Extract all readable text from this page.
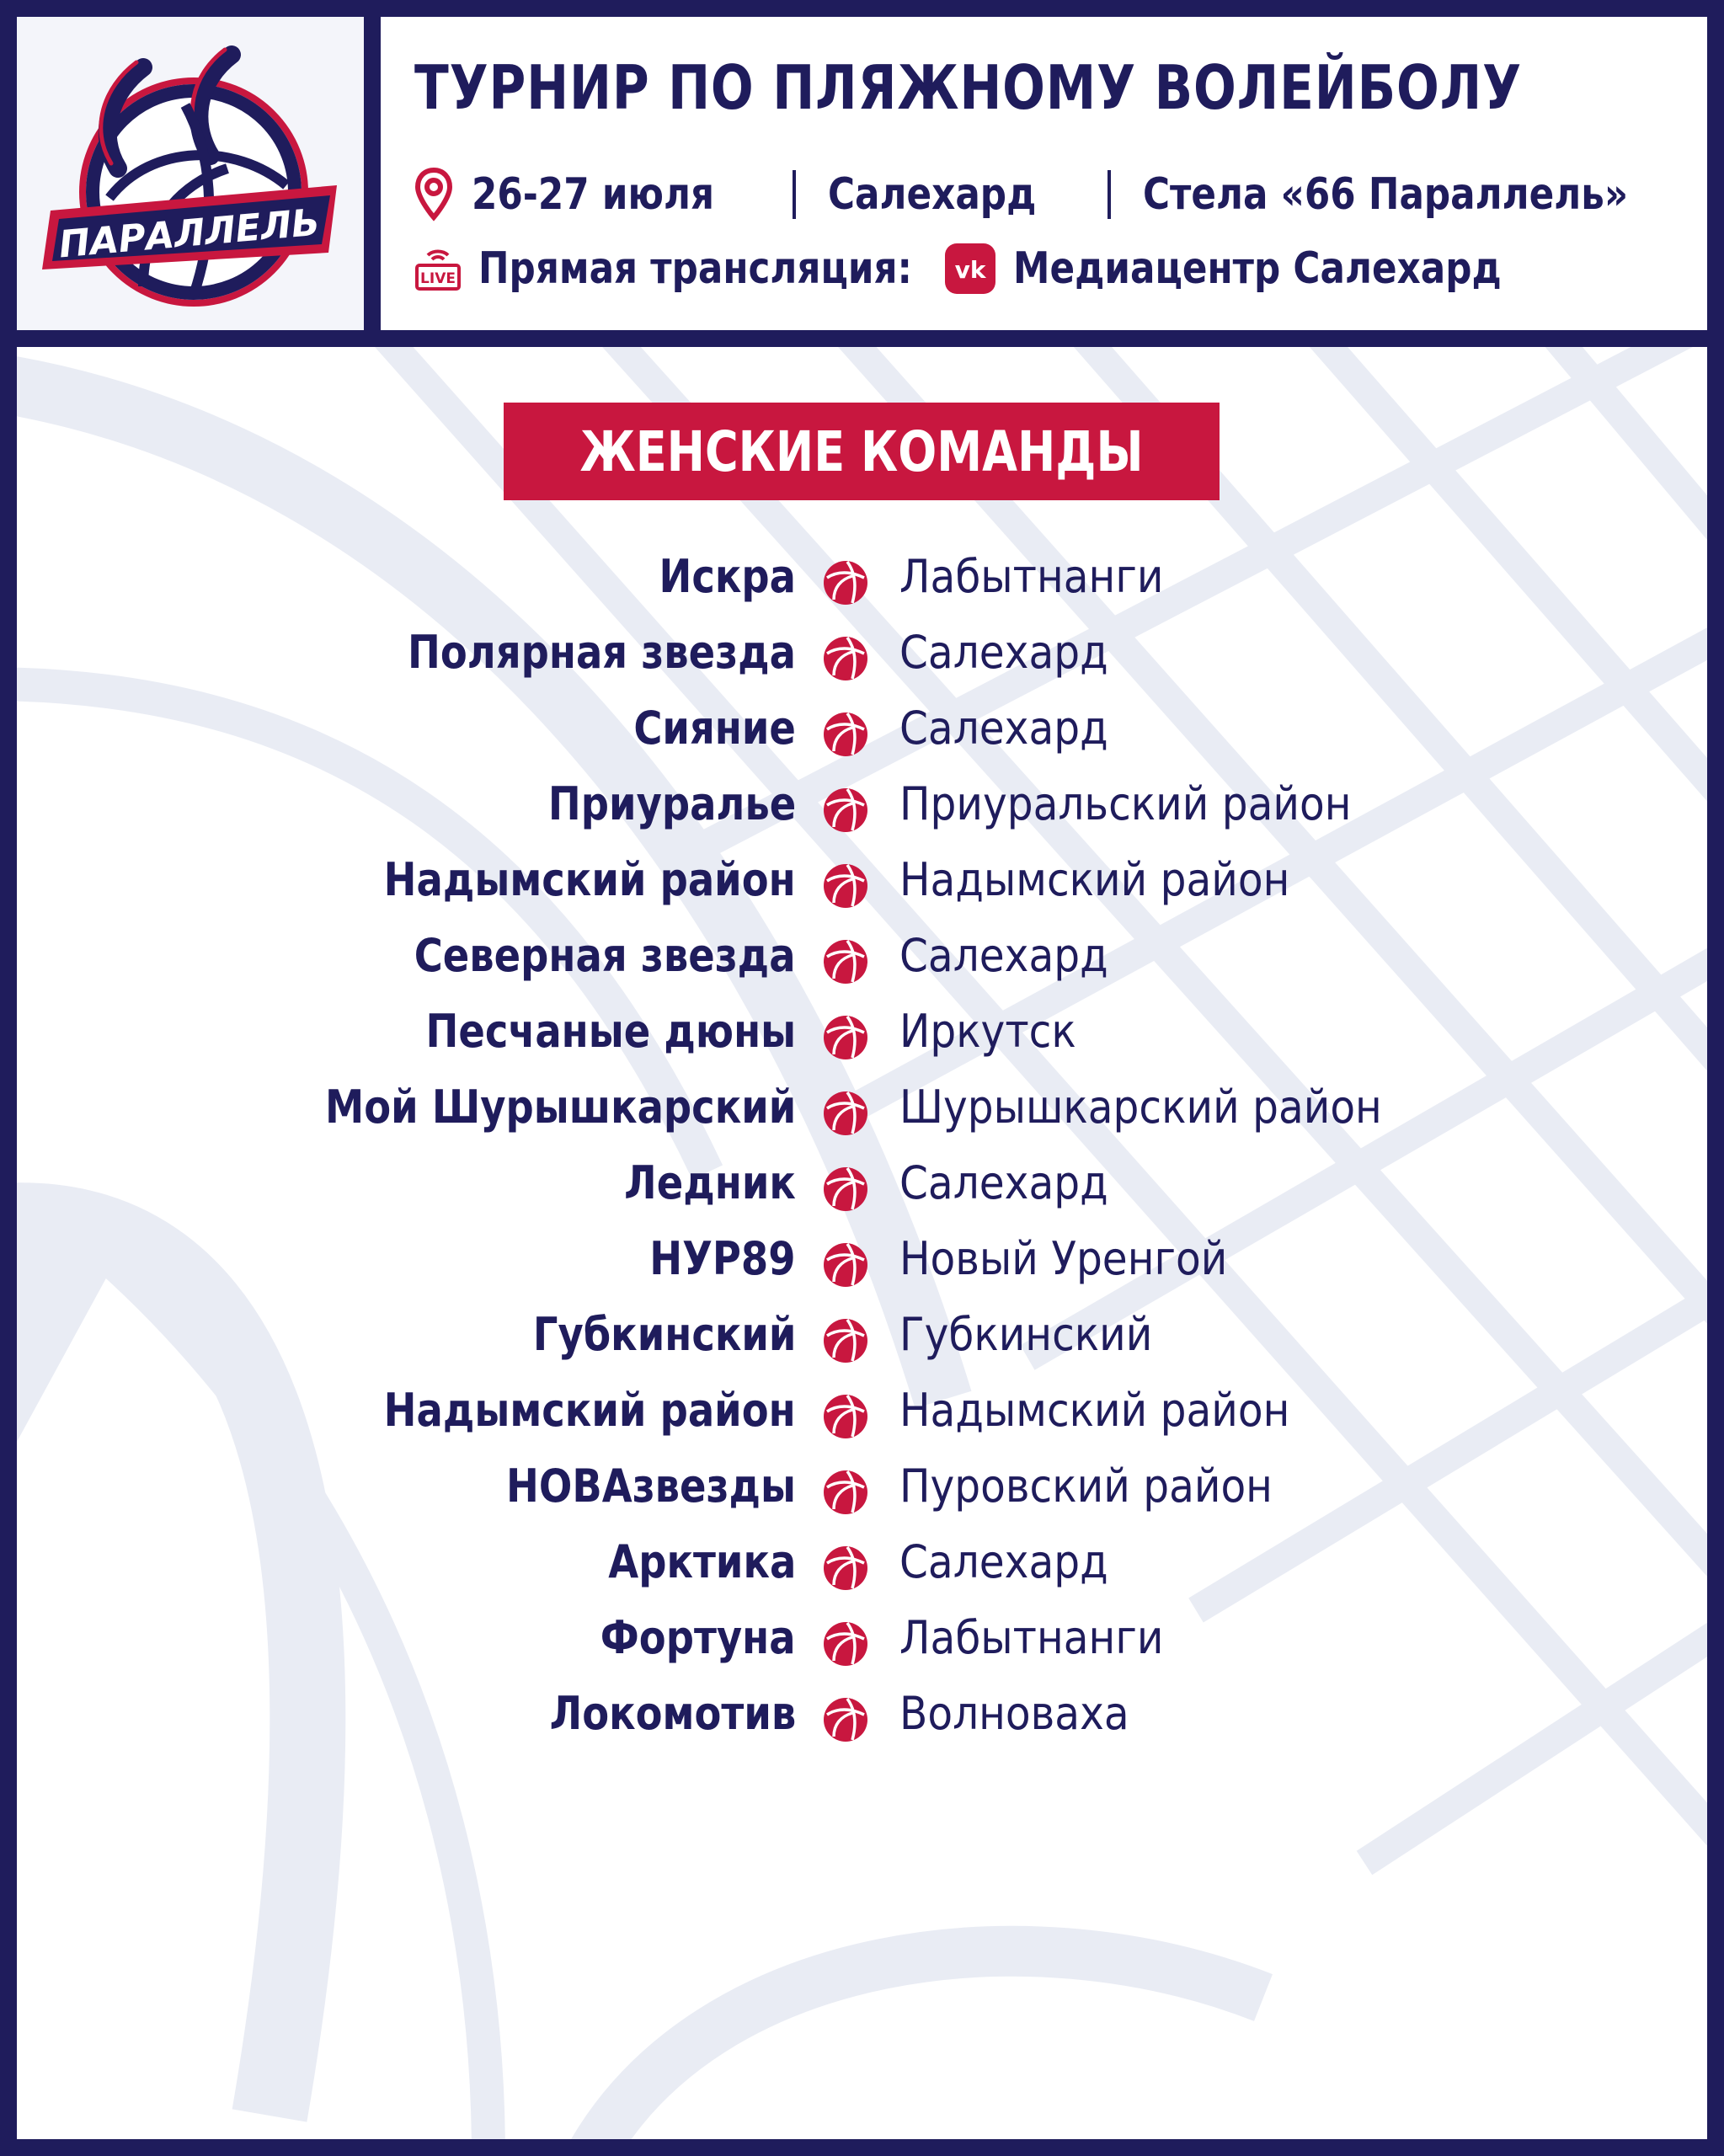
ПАРАЛЛЕЛЬ
ТУРНИР ПО ПЛЯЖНОМУ ВОЛЕЙБОЛУ
26-27 июля	Салехард Стела «66 Параллель»
LIVE Прямая трансляция: vk Медиацентр Салехард
ЖЕНСКИЕ КОМАНДЫ
Искра Лабытнанги
Полярная звезда Салехард
Сияние Салехард
Приуралье Приуральский район
Надымский район Надымский район
Северная звезда Салехард
Песчаные дюны Иркутск
Мой Шурышкарский Шурышкарский район
Ледник Салехард
НУР89 Новый Уренгой
Губкинский Губкинский
Надымский район Надымский район
НОВАзвезды Пуровский район
Арктика Салехард
Фортуна Лабытнанги
Локомотив Волноваха
